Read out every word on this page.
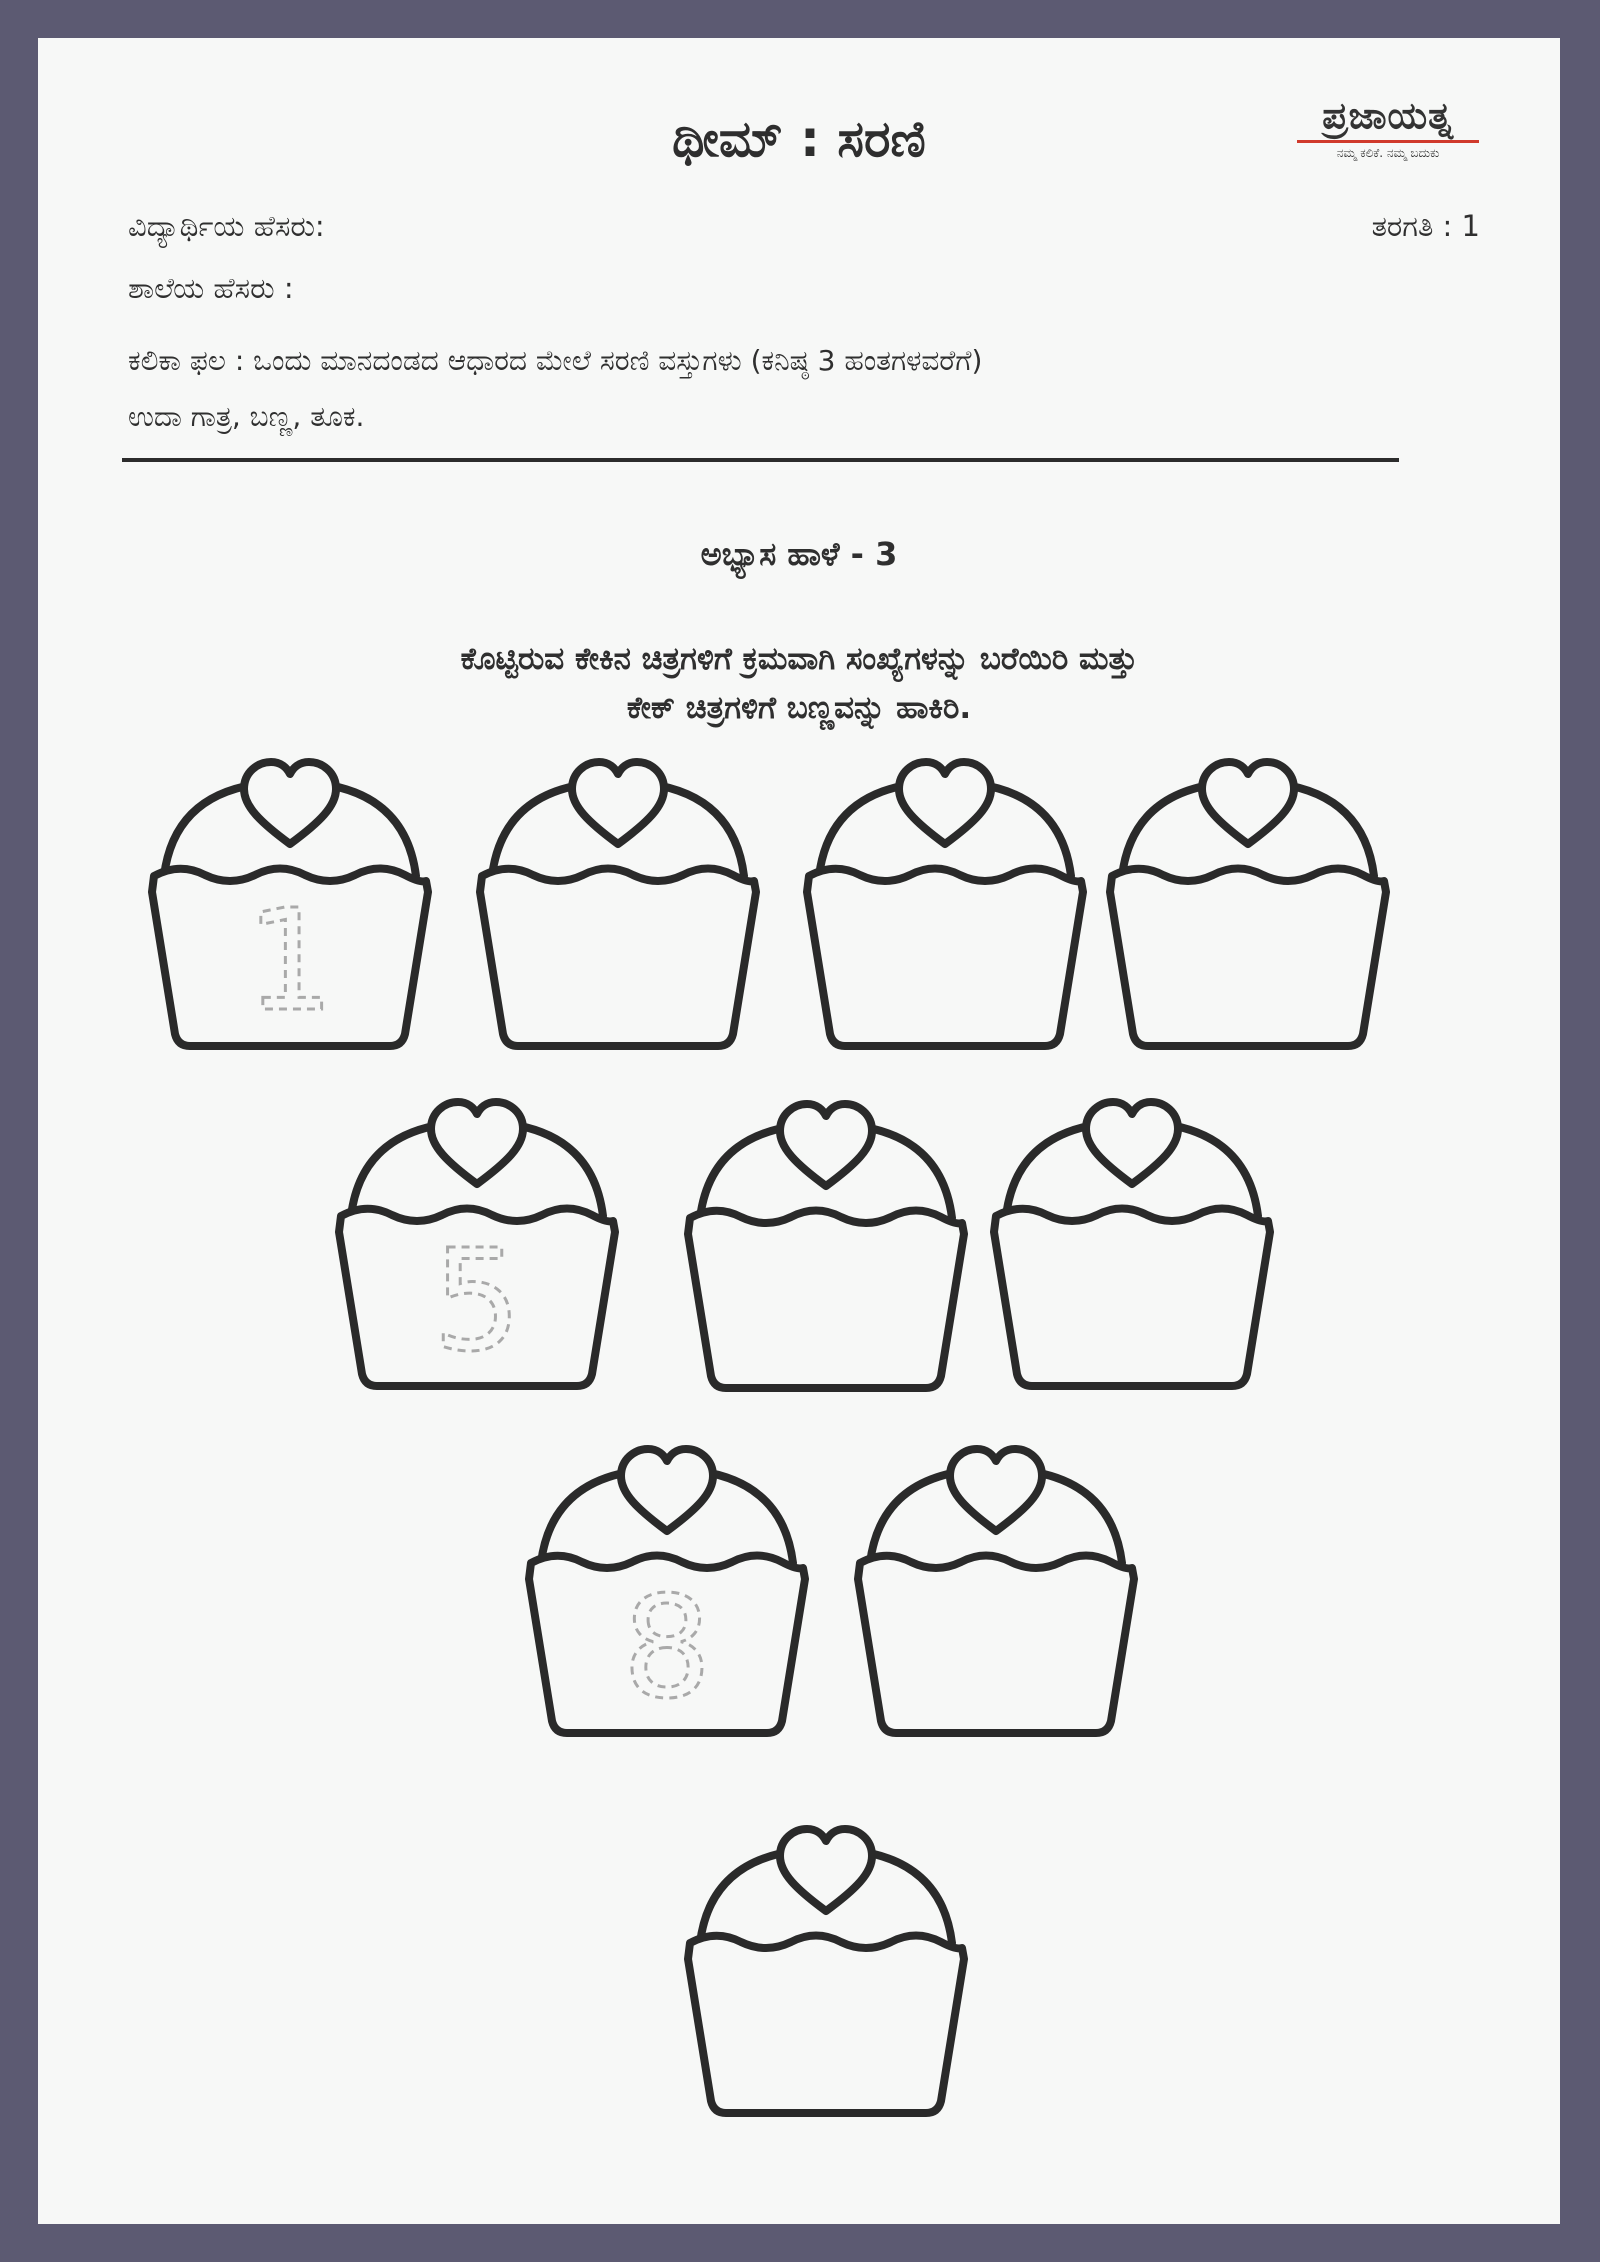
ಥೀಮ್ : ಸರಣಿ	ಪ್ರಜಾಯತ್ನ
ನಮ್ಮ ಕಲಿಕೆ. ನಮ್ಮ ಬದುಕು
ವಿದ್ಯಾರ್ಥಿಯ ಹೆಸರು:	ತರಗತಿ : 1
ಶಾಲೆಯ ಹೆಸರು :
ಕಲಿಕಾ ಫಲ : ಒಂದು ಮಾನದಂಡದ ಆಧಾರದ ಮೇಲೆ ಸರಣಿ ವಸ್ತುಗಳು (ಕನಿಷ್ಠ 3 ಹಂತಗಳವರೆಗೆ)
ಉದಾ ಗಾತ್ರ, ಬಣ್ಣ, ತೂಕ.
ಅಭ್ಯಾಸ ಹಾಳೆ - 3
ಕೊಟ್ಟಿರುವ ಕೇಕಿನ ಚಿತ್ರಗಳಿಗೆ ಕ್ರಮವಾಗಿ ಸಂಖ್ಯೆಗಳನ್ನು ಬರೆಯಿರಿ ಮತ್ತು
ಕೇಕ್ ಚಿತ್ರಗಳಿಗೆ ಬಣ್ಣವನ್ನು ಹಾಕಿರಿ.
1
5
8
